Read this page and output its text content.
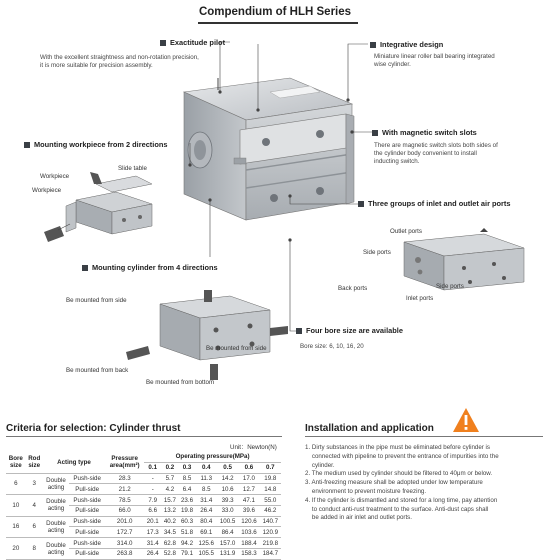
Compendium of HLH Series
Exactitude pilot
With the excellent straightness and non-rotation precision,
it is more suitable for precision assembly.
Integrative design
Miniature linear roller ball bearing integrated
wise cylinder.
With magnetic switch slots
There are magnetic switch slots both sides of
the cylinder body convenient to install
inducting switch.
Mounting workpiece from 2 directions
Three groups of inlet and outlet air ports
Mounting cylinder from 4 directions
Four bore size are available
Bore size: 6, 10, 16, 20
Workpiece
Slide table
Workpiece
Outlet ports
Side ports
Back ports	Side ports
Inlet ports
Be mounted from side
Be mounted from side
Be mounted from back
Be mounted from bottom
Criteria for selection: Cylinder thrust
Unit：Newton(N)
Bore
size	Rod
size	Acting type		Pressure
area(mm²)	Operating pressure(MPa)						
					0.1	0.2	0.3	0.4	0.5	0.6	0.7
6	3	Double
acting	Push-side	28.3	-	5.7	8.5	11.3	14.2	17.0	19.8
			Pull-side	21.2	-	4.2	6.4	8.5	10.6	12.7	14.8
10	4	Double
acting	Push-side	78.5	7.9	15.7	23.6	31.4	39.3	47.1	55.0
			Pull-side	66.0	6.6	13.2	19.8	26.4	33.0	39.6	46.2
16	6	Double
acting	Push-side	201.0	20.1	40.2	60.3	80.4	100.5	120.6	140.7
			Pull-side	172.7	17.3	34.5	51.8	69.1	86.4	103.6	120.9
20	8	Double
acting	Push-side	314.0	31.4	62.8	94.2	125.6	157.0	188.4	219.8
			Pull-side	263.8	26.4	52.8	79.1	105.5	131.9	158.3	184.7
Installation and application
1. Dirty substances in the pipe must be eliminated before cylinder is
connected with pipeline to prevent the entrance of impurities into the
cylinder.
2. The medium used by cylinder should be filtered to 40μm or below.
3. Anti-freezing measure shall be adopted under low temperature
environment to prevent moisture freezing.
4. If the cylinder is dismantled and stored for a long time, pay attention
to conduct anti-rust treatment to the surface. Anti-dust caps shall
be added in air inlet and outlet ports.
